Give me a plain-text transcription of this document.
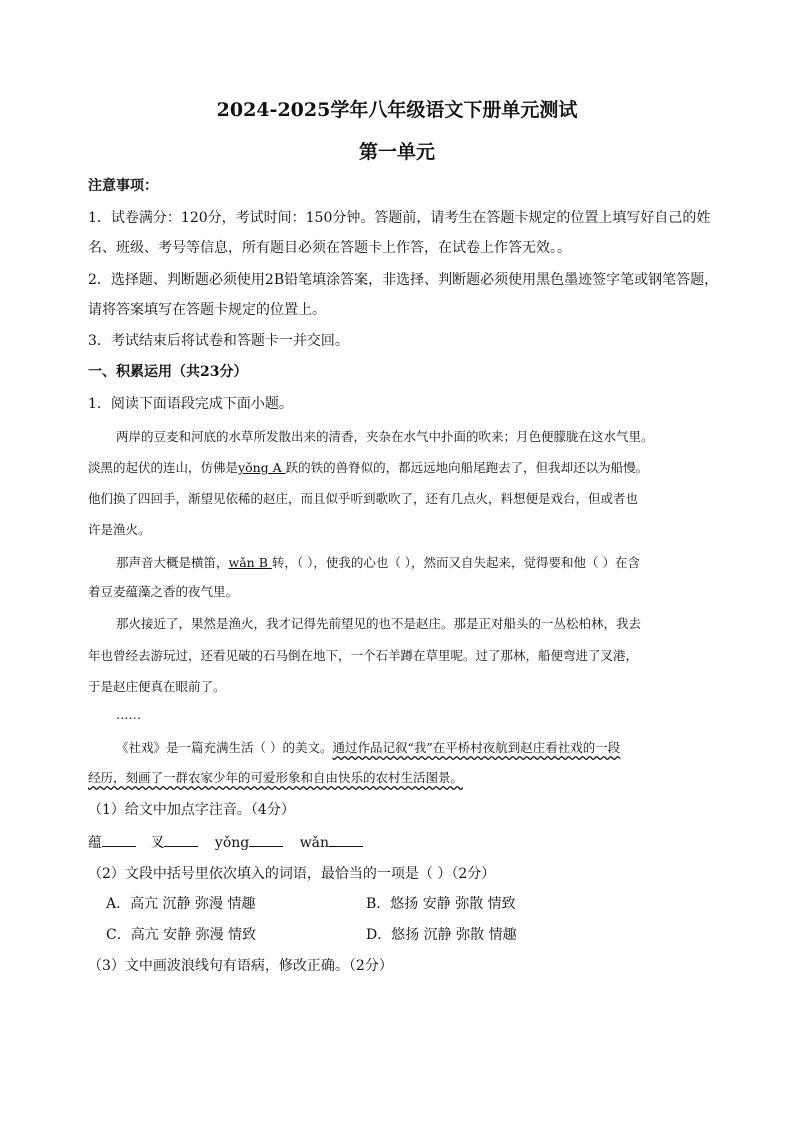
2024-2025学年八年级语文下册单元测试
第一单元
注意事项：
1．试卷满分：120分，考试时间：150分钟。答题前，请考生在答题卡规定的位置上填写好自己的姓
名、班级、考号等信息，所有题目必须在答题卡上作答，在试卷上作答无效。。
2．选择题、判断题必须使用2B铅笔填涂答案，非选择、判断题必须使用黑色墨迹签字笔或钢笔答题，
请将答案填写在答题卡规定的位置上。
3．考试结束后将试卷和答题卡一并交回。
一、积累运用（共23分）
1．阅读下面语段完成下面小题。
两岸的豆麦和河底的水草所发散出来的清香，夹杂在水气中扑面的吹来；月色便朦胧在这水气里。
淡黑的起伏的连山，仿佛是yǒng A 跃的铁的兽脊似的，都远远地向船尾跑去了，但我却还以为船慢。
他们换了四回手，渐望见依稀的赵庄，而且似乎听到歌吹了，还有几点火，料想便是戏台，但或者也
许是渔火。
那声音大概是横笛，wǎn B 转，（ ），使我的心也（ ），然而又自失起来，觉得要和他（ ）在含
着豆麦蕴藻之香的夜气里。
那火接近了，果然是渔火，我才记得先前望见的也不是赵庄。那是正对船头的一丛松柏林，我去
年也曾经去游玩过，还看见破的石马倒在地下，一个石羊蹲在草里呢。过了那林，船便弯进了叉港，
于是赵庄便真在眼前了。
……
《社戏》是一篇充满生活（ ）的美文。通过作品记叙“我”在平桥村夜航到赵庄看社戏的一段
经历，刻画了一群农家少年的可爱形象和自由快乐的农村生活图景。
（1）给文中加点字注音。（4分）
蕴	叉	yǒng	wǎn
（2）文段中括号里依次填入的词语，最恰当的一项是（ ）（2分）
A．高亢 沉静 弥漫 情趣	B．悠扬 安静 弥散 情致
C．高亢 安静 弥漫 情致	D．悠扬 沉静 弥散 情趣
（3）文中画波浪线句有语病，修改正确。（2分）
